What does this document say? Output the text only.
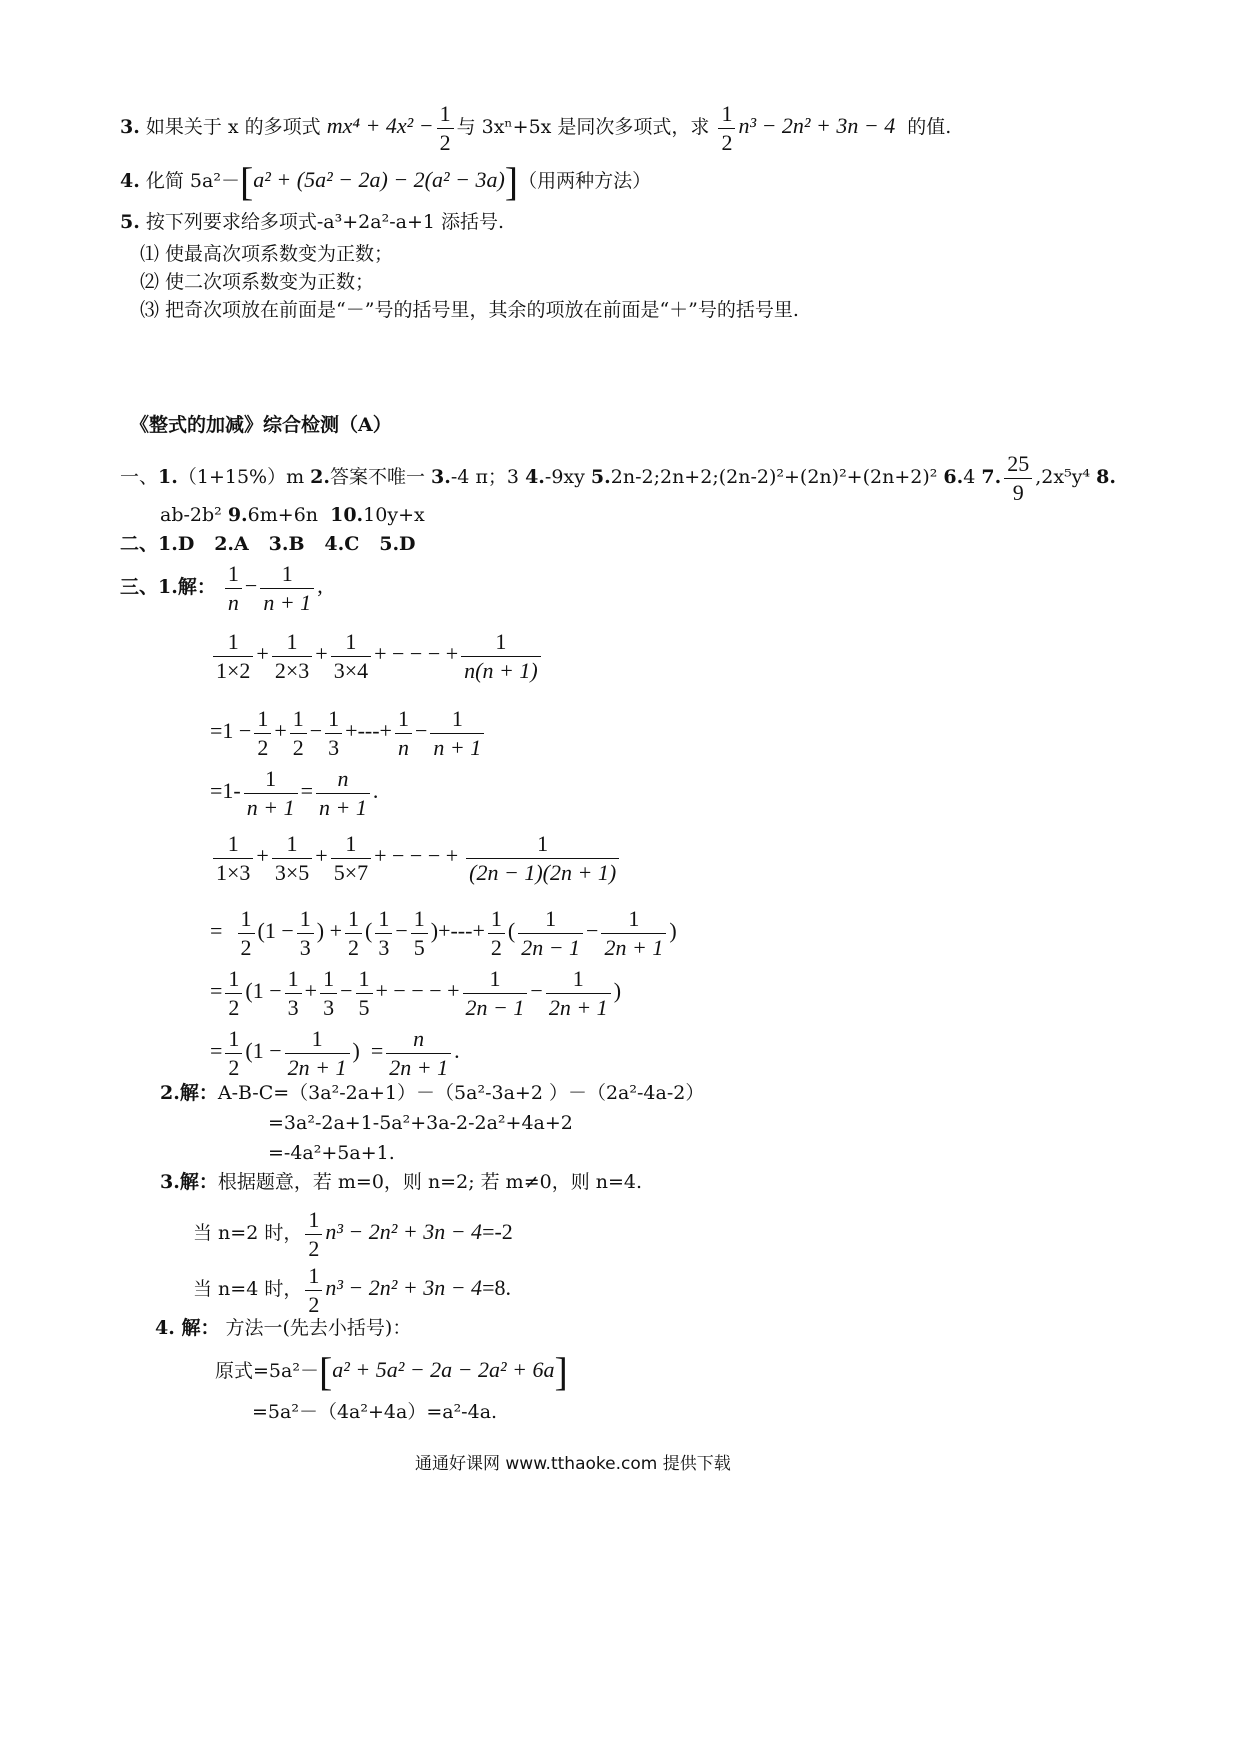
3. 如果关于 x 的多项式 $mx^4 + 4x^2 - \frac{1}{2}$ 与 3xⁿ+5x 是同次多项式，求 $\frac{1}{2} n^3 - 2n^2 + 3n - 4$ 的值.
4. 化简 5a²－[a² + (5a² − 2a) − 2(a² − 3a)]（用两种方法）
5. 按下列要求给多项式-a³+2a²-a+1 添括号.
⑴ 使最高次项系数变为正数；
⑵ 使二次项系数变为正数；
⑶ 把奇次项放在前面是“－”号的括号里，其余的项放在前面是“＋”号的括号里.
《整式的加减》综合检测（A）
一、1.（1+15%）m 2.答案不唯一 3.-4 π；3 4.-9xy 5.2n-2;2n+2;(2n-2)²+(2n)²+(2n+2)² 6.4 7. $\frac{25}{9} ,2x^5y^4$ 8.
ab-2b² 9.6m+6n  10.10y+x
二、1.D 2.A 3.B 4.C 5.D
三、1.解： $\frac{1}{n} - \frac{1}{n + 1}$ ,
$\frac{1}{1\times 2} + \frac{1}{2\times 3} + \frac{1}{3\times 4}$ + − − − + $\frac{1}{n(n + 1)}$
$=1 - \frac{1}{2} + \frac{1}{2} - \frac{1}{3}$ +---+ $\frac{1}{n} - \frac{1}{n + 1}$
$=1- \frac{1}{n + 1} = \frac{n}{n + 1}$ .
$\frac{1}{1\times 3} + \frac{1}{3\times 5} + \frac{1}{5\times 7}$ + − − − + $\frac{1}{(2n - 1)(2n + 1)}$
= $\frac{1}{2} (1 - \frac{1}{3}$ ) + $\frac{1}{2}$ ( $\frac{1}{3} - \frac{1}{5}$ )+---+ $\frac{1}{2}$ ( $\frac{1}{2n - 1} - \frac{1}{2n + 1}$ )
= $\frac{1}{2} (1 - \frac{1}{3} + \frac{1}{3} - \frac{1}{5}$ + − − − + $\frac{1}{2n - 1} - \frac{1}{2n + 1}$ )
= $\frac{1}{2} (1 - \frac{1}{2n + 1}$ )  = $\frac{n}{2n + 1}$ .
2.解：A-B-C=（3a²-2a+1）－（5a²-3a+2 ）－（2a²-4a-2）
=3a²-2a+1-5a²+3a-2-2a²+4a+2
=-4a²+5a+1.
3.解：根据题意，若 m=0，则 n=2; 若 m≠0，则 n=4.
当 n=2 时， $\frac{1}{2} n^3 - 2n^2 + 3n - 4=-2$
当 n=4 时， $\frac{1}{2} n^3 - 2n^2 + 3n - 4=8$.
4. 解： 方法一(先去小括号)：
原式=5a²－[a² + 5a² − 2a − 2a² + 6a]
=5a²－（4a²+4a）=a²-4a.
通通好课网 www.tthaoke.com 提供下载
